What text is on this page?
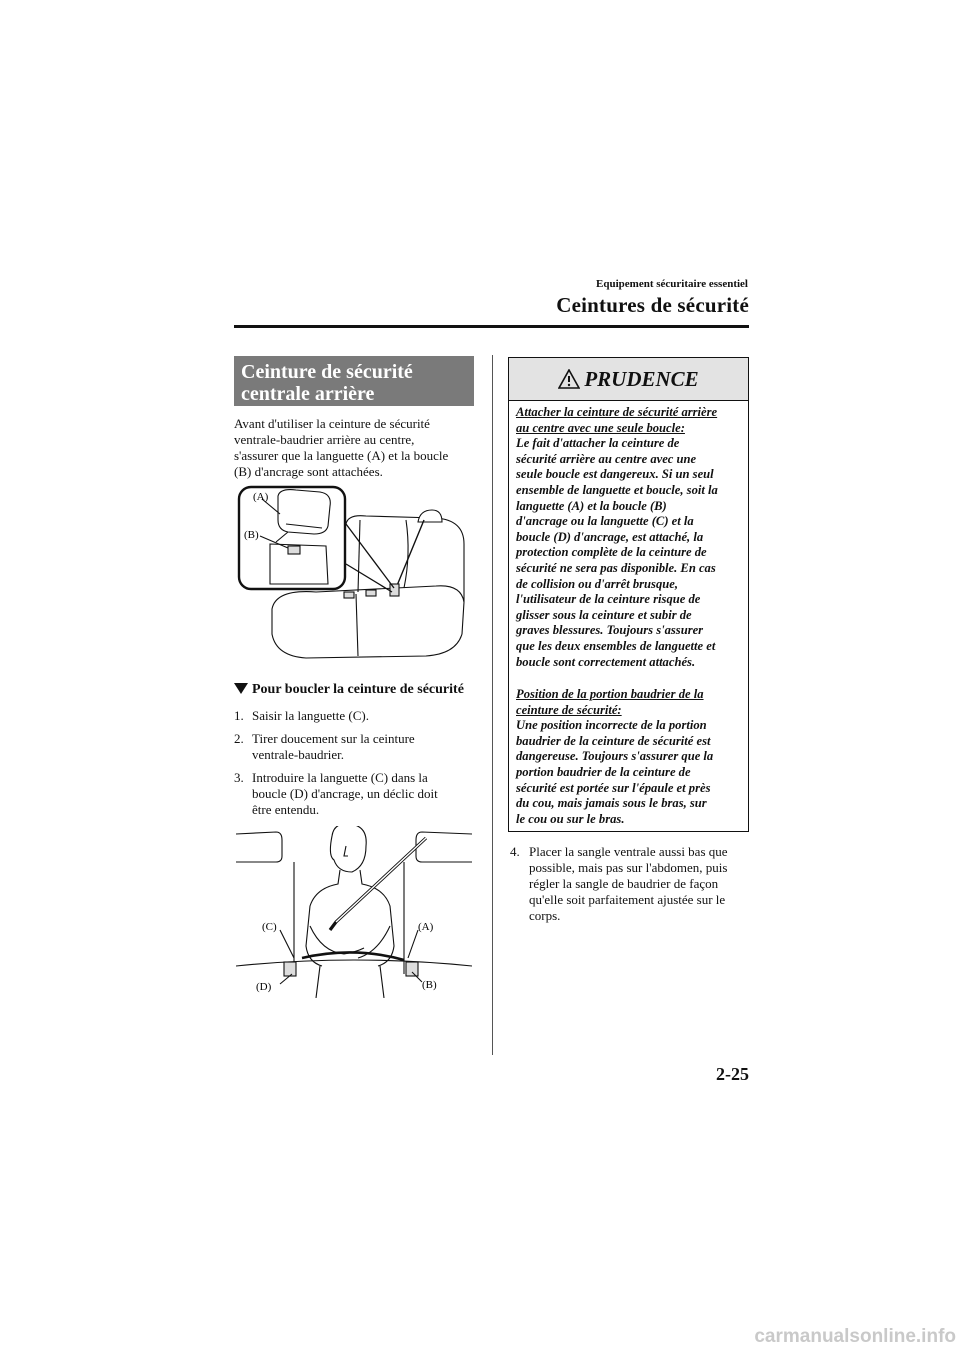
Equipement sécuritaire essentiel
Ceintures de sécurité
Ceinture de sécurité
centrale arrière
Avant d'utiliser la ceinture de sécurité
ventrale-baudrier arrière au centre,
s'assurer que la languette (A) et la boucle
(B) d'ancrage sont attachées.
(A)
(B)
Pour boucler la ceinture de sécurité
1. Saisir la languette (C).
2. Tirer doucement sur la ceinture
ventrale-baudrier.
3. Introduire la languette (C) dans la
boucle (D) d'ancrage, un déclic doit
être entendu.
(C)	(A)
(D)	(B)
PRUDENCE
Attacher la ceinture de sécurité arrière
au centre avec une seule boucle:
Le fait d'attacher la ceinture de
sécurité arrière au centre avec une
seule boucle est dangereux. Si un seul
ensemble de languette et boucle, soit la
languette (A) et la boucle (B)
d'ancrage ou la languette (C) et la
boucle (D) d'ancrage, est attaché, la
protection complète de la ceinture de
sécurité ne sera pas disponible. En cas
de collision ou d'arrêt brusque,
l'utilisateur de la ceinture risque de
glisser sous la ceinture et subir de
graves blessures. Toujours s'assurer
que les deux ensembles de languette et
boucle sont correctement attachés.
Position de la portion baudrier de la
ceinture de sécurité:
Une position incorrecte de la portion
baudrier de la ceinture de sécurité est
dangereuse. Toujours s'assurer que la
portion baudrier de la ceinture de
sécurité est portée sur l'épaule et près
du cou, mais jamais sous le bras, sur
le cou ou sur le bras.
4. Placer la sangle ventrale aussi bas que
possible, mais pas sur l'abdomen, puis
régler la sangle de baudrier de façon
qu'elle soit parfaitement ajustée sur le
corps.
2-25
carmanualsonline.info
